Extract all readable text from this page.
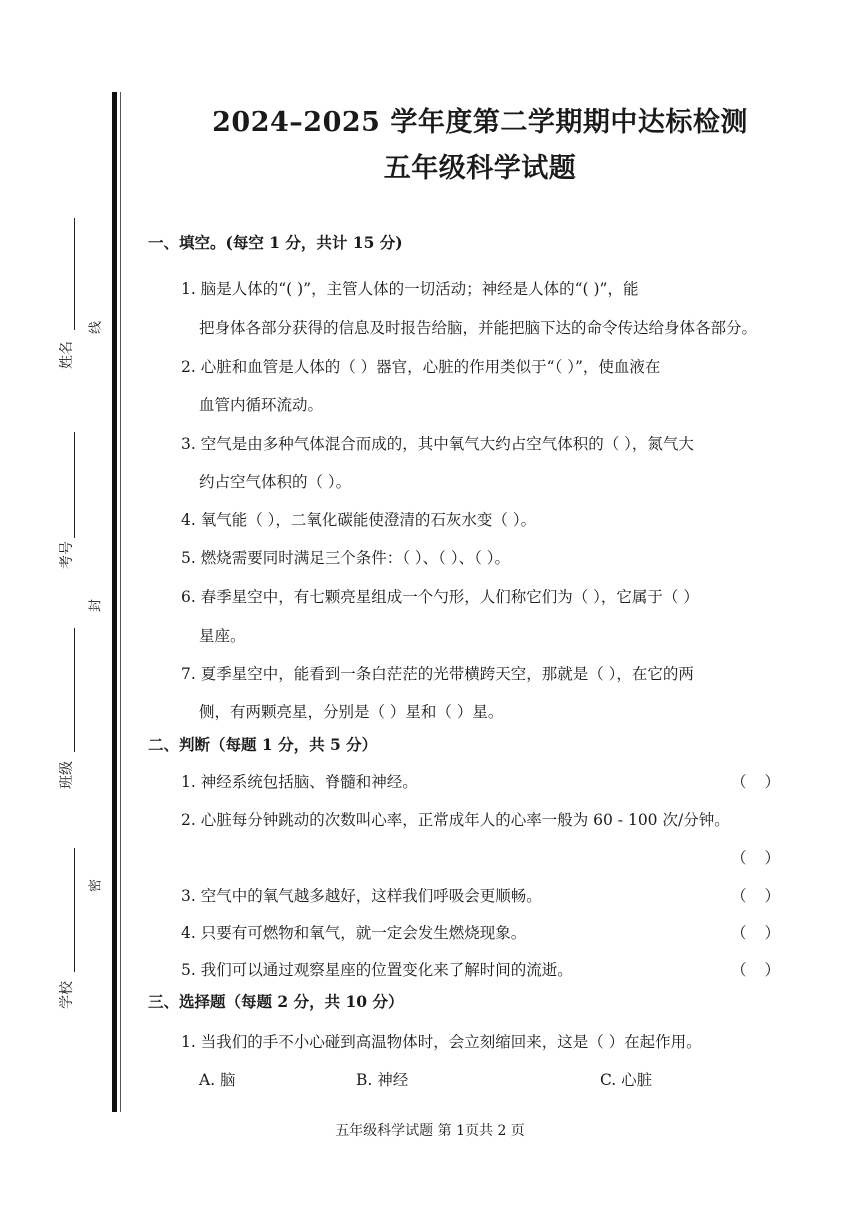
姓名
考号
班级
学校
线
封
密
2024–2025 学年度第二学期期中达标检测
五年级科学试题
一、填空。(每空 1 分，共计 15 分)
1. 脑是人体的“( )”，主管人体的一切活动；神经是人体的“( )”，能
把身体各部分获得的信息及时报告给脑，并能把脑下达的命令传达给身体各部分。
2. 心脏和血管是人体的（ ）器官，心脏的作用类似于“（ ）”，使血液在
血管内循环流动。
3. 空气是由多种气体混合而成的，其中氧气大约占空气体积的（ ），氮气大
约占空气体积的（ ）。
4. 氧气能（ ），二氧化碳能使澄清的石灰水变（ ）。
5. 燃烧需要同时满足三个条件：（ ）、（ ）、（ ）。
6. 春季星空中，有七颗亮星组成一个勺形，人们称它们为（ ），它属于（ ）
星座。
7. 夏季星空中，能看到一条白茫茫的光带横跨天空，那就是（ ），在它的两
侧，有两颗亮星，分别是（ ）星和（ ）星。
二、判断（每题 1 分，共 5 分）
1. 神经系统包括脑、脊髓和神经。	（）
2. 心脏每分钟跳动的次数叫心率，正常成年人的心率一般为 60 - 100 次/分钟。
（）
3. 空气中的氧气越多越好，这样我们呼吸会更顺畅。	（）
4. 只要有可燃物和氧气，就一定会发生燃烧现象。	（）
5. 我们可以通过观察星座的位置变化来了解时间的流逝。	（）
三、选择题（每题 2 分，共 10 分）
1. 当我们的手不小心碰到高温物体时，会立刻缩回来，这是（ ）在起作用。
A. 脑	B. 神经	C. 心脏
五年级科学试题 第 1页共 2 页
